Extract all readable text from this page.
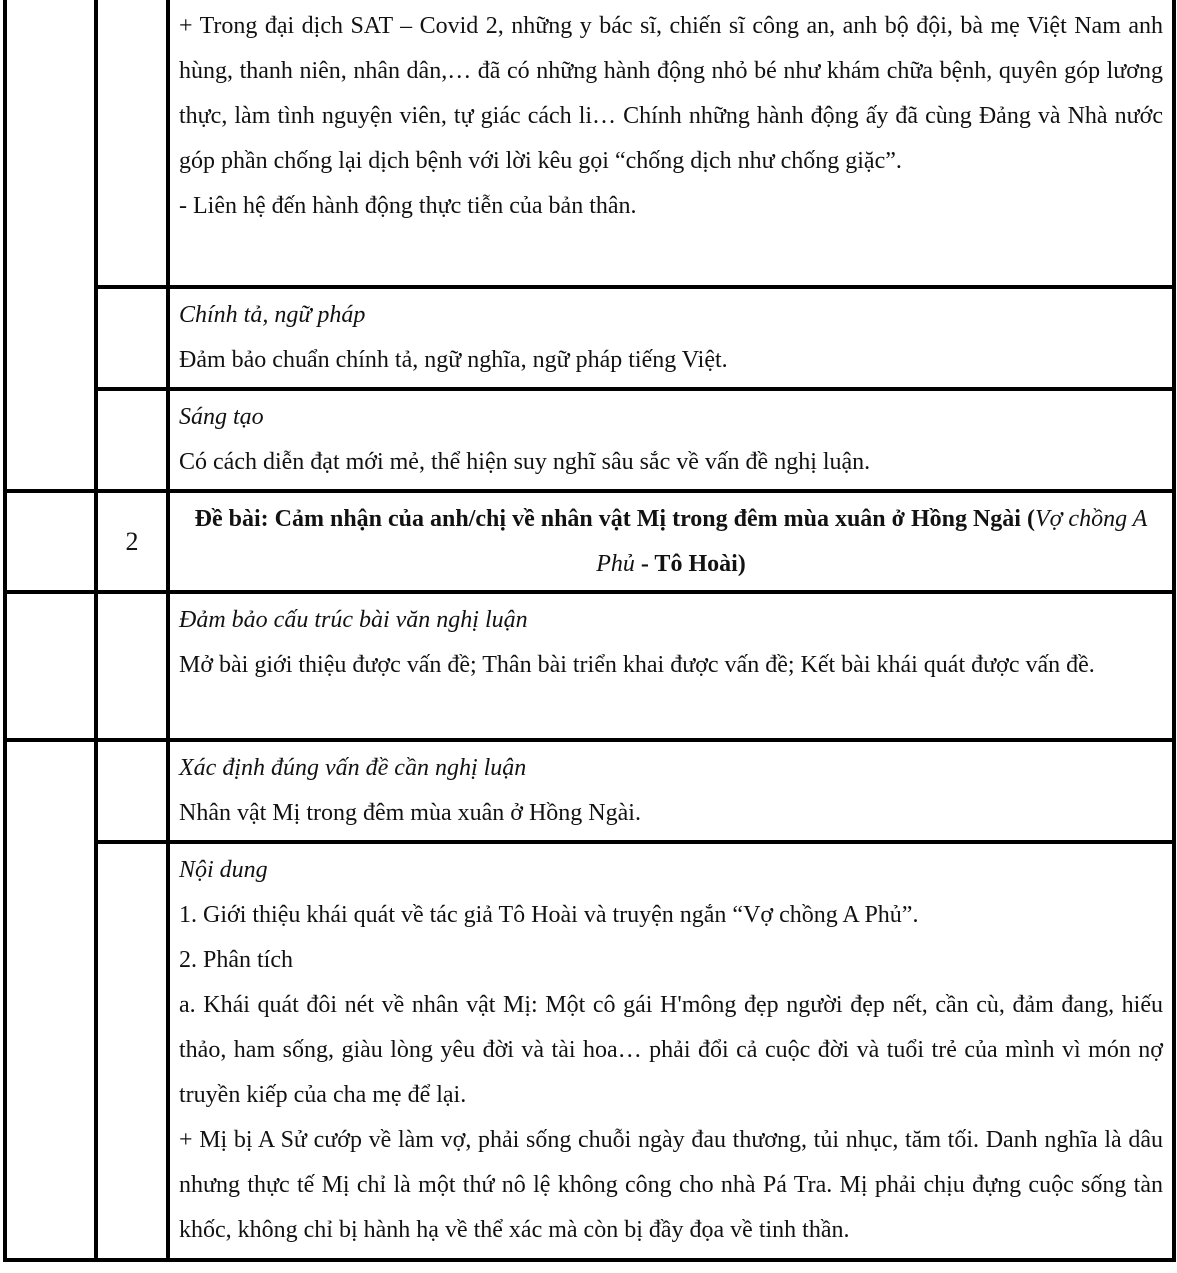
		+ Trong đại dịch SAT – Covid 2, những y bác sĩ, chiến sĩ công an, anh bộ đội, bà mẹ Việt Nam anh hùng, thanh niên, nhân dân,… đã có những hành động nhỏ bé như khám chữa bệnh, quyên góp lương thực, làm tình nguyện viên, tự giác cách li… Chính những hành động ấy đã cùng Đảng và Nhà nước góp phần chống lại dịch bệnh với lời kêu gọi “chống dịch như chống giặc”.

- Liên hệ đến hành động thực tiễn của bản thân.

		Chính tả, ngữ pháp

Đảm bảo chuẩn chính tả, ngữ nghĩa, ngữ pháp tiếng Việt.

		Sáng tạo

Có cách diễn đạt mới mẻ, thể hiện suy nghĩ sâu sắc về vấn đề nghị luận.

	2	Đề bài: Cảm nhận của anh/chị về nhân vật Mị trong đêm mùa xuân ở Hồng Ngài (Vợ chồng A Phủ - Tô Hoài)

		Đảm bảo cấu trúc bài văn nghị luận

Mở bài giới thiệu được vấn đề; Thân bài triển khai được vấn đề; Kết bài khái quát được vấn đề.

		Xác định đúng vấn đề cần nghị luận

Nhân vật Mị trong đêm mùa xuân ở Hồng Ngài.

		Nội dung

1. Giới thiệu khái quát về tác giả Tô Hoài và truyện ngắn “Vợ chồng A Phủ”.

2. Phân tích

a. Khái quát đôi nét về nhân vật Mị: Một cô gái H'mông đẹp người đẹp nết, cần cù, đảm đang, hiếu thảo, ham sống, giàu lòng yêu đời và tài hoa… phải đổi cả cuộc đời và tuổi trẻ của mình vì món nợ truyền kiếp của cha mẹ để lại.

+ Mị bị A Sử cướp về làm vợ, phải sống chuỗi ngày đau thương, tủi nhục, tăm tối. Danh nghĩa là dâu nhưng thực tế Mị chỉ là một thứ nô lệ không công cho nhà Pá Tra. Mị phải chịu đựng cuộc sống tàn khốc, không chỉ bị hành hạ về thể xác mà còn bị đầy đọa về tinh thần.
